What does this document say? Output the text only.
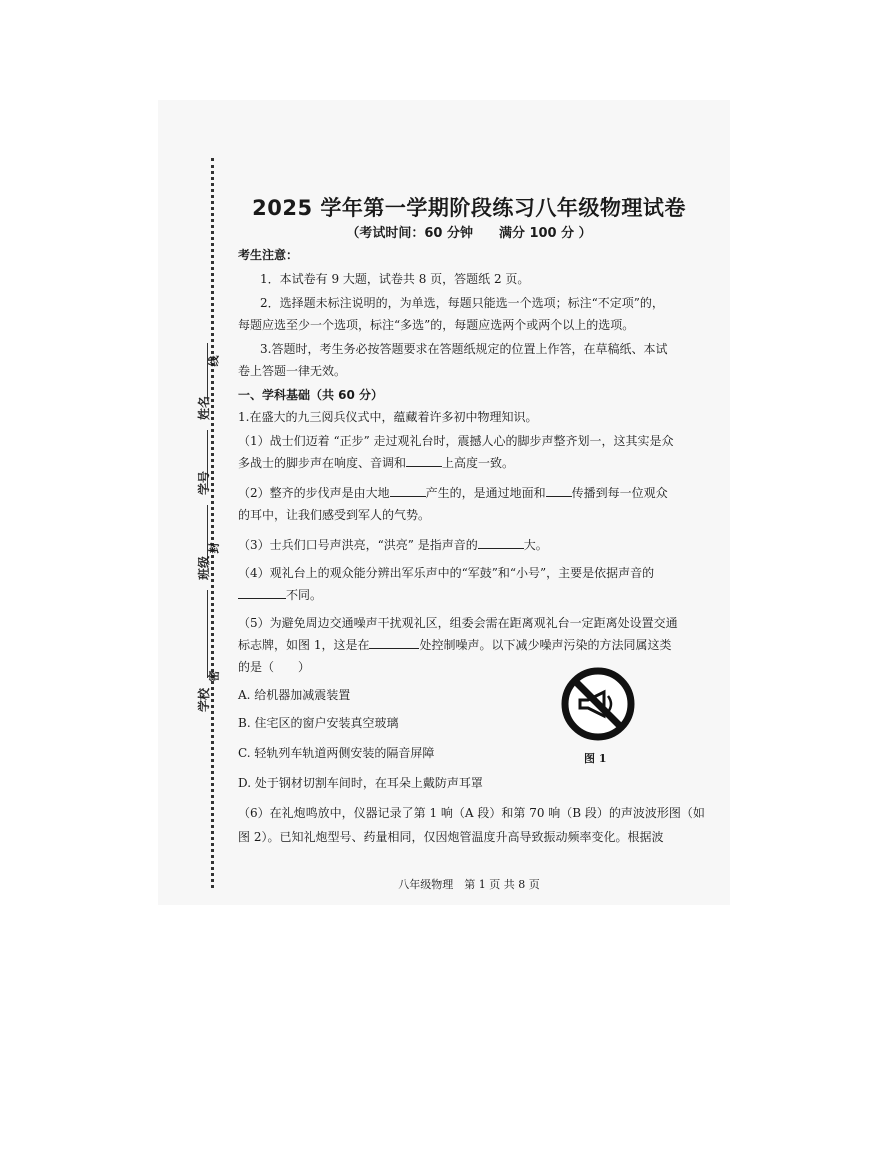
姓名
学号
班级
学校
线
封
密
2025 学年第一学期阶段练习八年级物理试卷
（考试时间：60 分钟　　满分 100 分 ）
考生注意：
1．本试卷有 9 大题，试卷共 8 页，答题纸 2 页。
2．选择题未标注说明的，为单选，每题只能选一个选项；标注“不定项”的，
每题应选至少一个选项，标注“多选”的，每题应选两个或两个以上的选项。
3.答题时，考生务必按答题要求在答题纸规定的位置上作答，在草稿纸、本试
卷上答题一律无效。
一、学科基础（共 60 分）
1.在盛大的九三阅兵仪式中，蕴藏着许多初中物理知识。
（1）战士们迈着 “正步” 走过观礼台时，震撼人心的脚步声整齐划一，这其实是众
多战士的脚步声在响度、音调和	上高度一致。
（2）整齐的步伐声是由大地	产生的，是通过地面和 传播到每一位观众
的耳中，让我们感受到军人的气势。
（3）士兵们口号声洪亮，“洪亮” 是指声音的	大。
（4）观礼台上的观众能分辨出军乐声中的“军鼓”和“小号”，主要是依据声音的
不同。
（5）为避免周边交通噪声干扰观礼区，组委会需在距离观礼台一定距离处设置交通
标志牌，如图 1，这是在	处控制噪声。以下减少噪声污染的方法同属这类
的是（　　）
A. 给机器加减震装置
B. 住宅区的窗户安装真空玻璃
C. 轻轨列车轨道两侧安装的隔音屏障
D. 处于钢材切割车间时，在耳朵上戴防声耳罩
图 1
（6）在礼炮鸣放中，仪器记录了第 1 响（A 段）和第 70 响（B 段）的声波波形图（如
图 2）。已知礼炮型号、药量相同，仅因炮管温度升高导致振动频率变化。根据波
八年级物理　第 1 页 共 8 页
